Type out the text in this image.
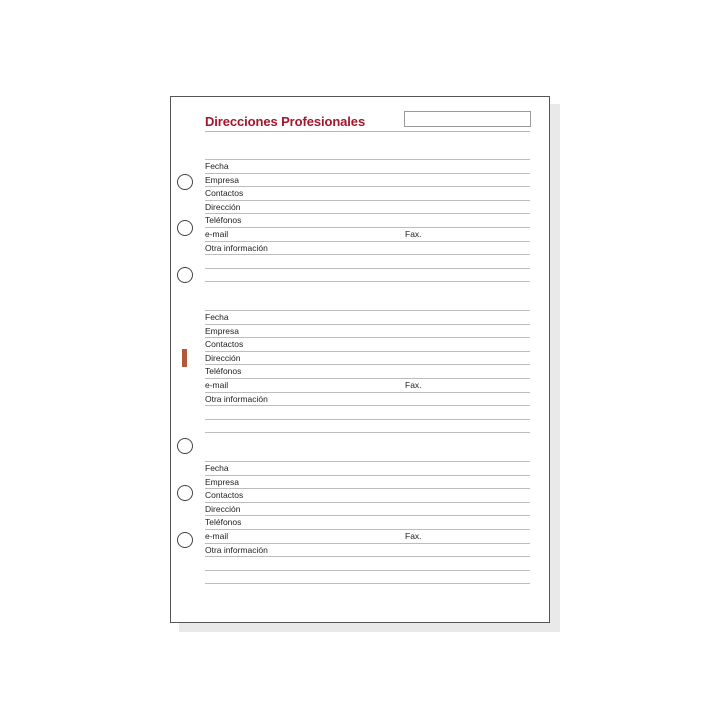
Direcciones Profesionales
Fecha
Empresa
Contactos
Dirección
Teléfonos
e-mail	Fax.
Otra información
Fecha
Empresa
Contactos
Dirección
Teléfonos
e-mail	Fax.
Otra información
Fecha
Empresa
Contactos
Dirección
Teléfonos
e-mail	Fax.
Otra información
